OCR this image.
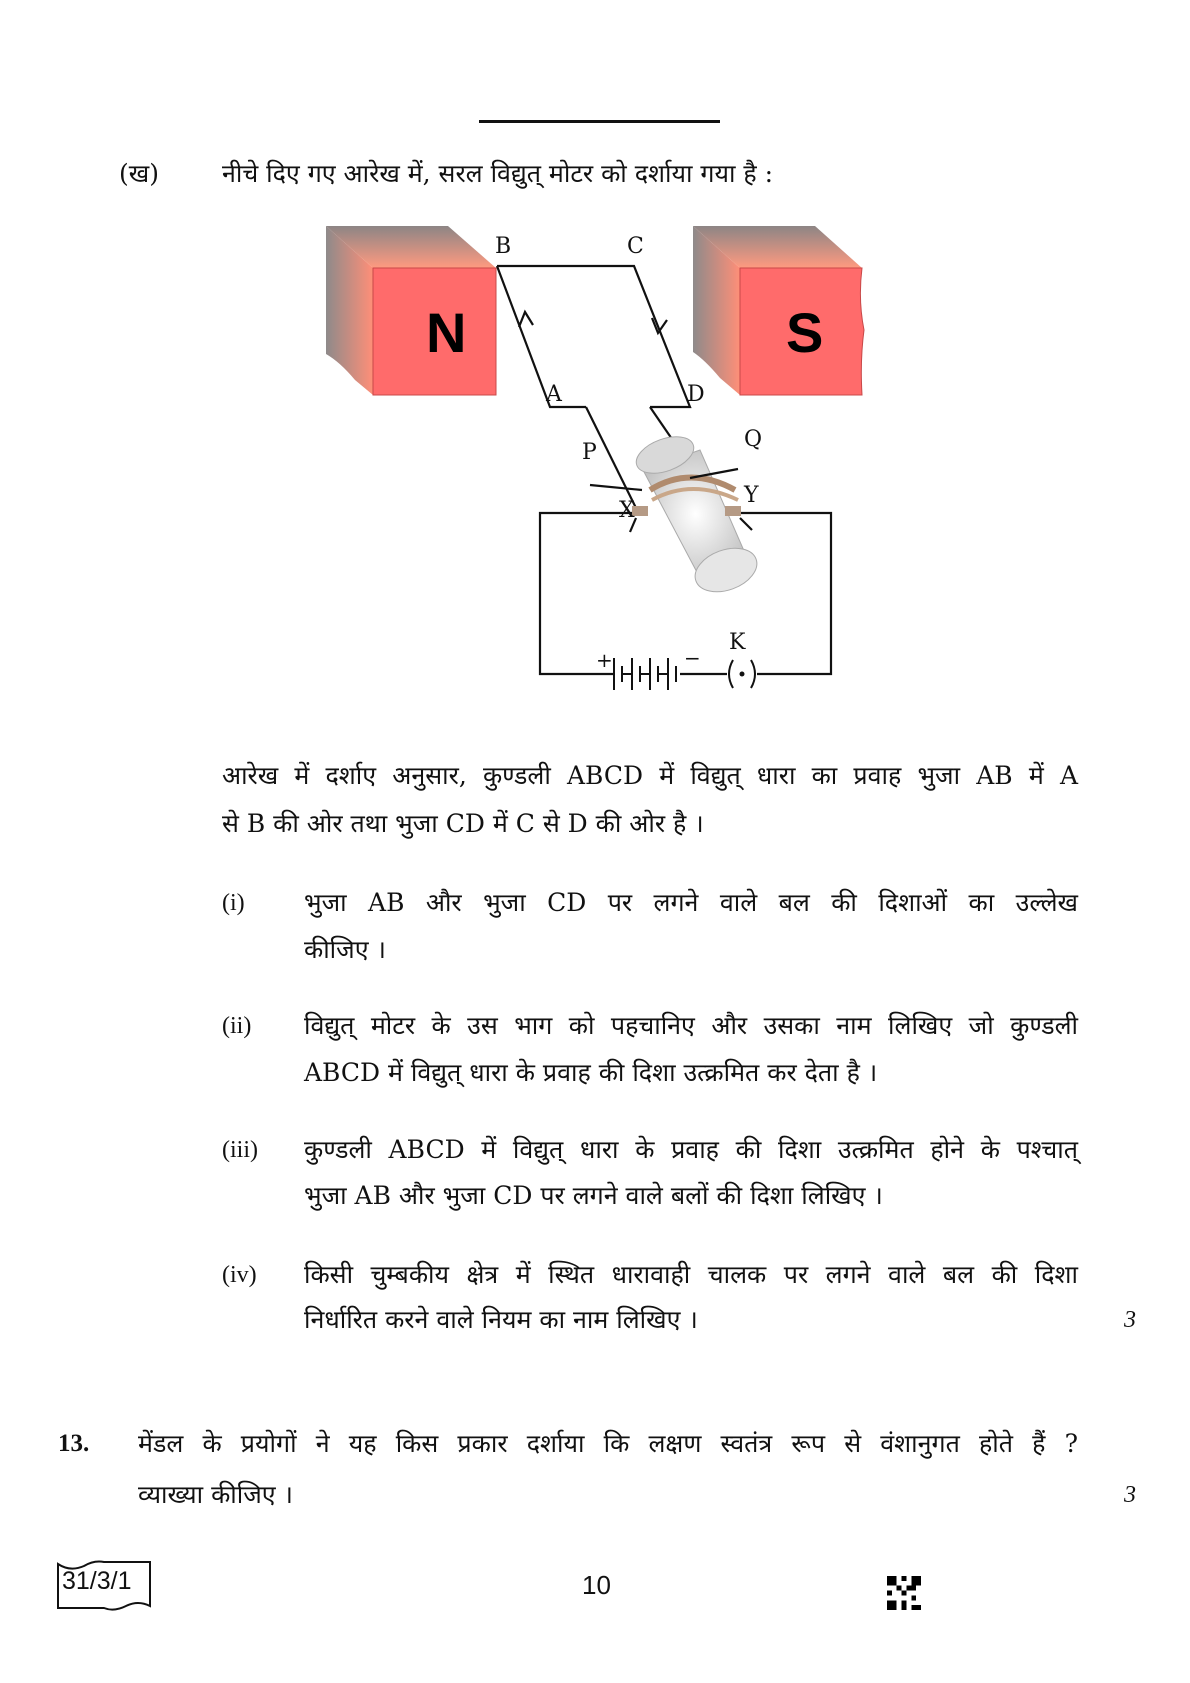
(ख)	नीचे दिए गए आरेख में, सरल विद्युत् मोटर को दर्शाया गया है :
N	S
B	C
A	D
P
Q
X
Y
K
+	−
आरेख में दर्शाए अनुसार, कुण्डली ABCD में विद्युत् धारा का प्रवाह भुजा AB में A
से B की ओर तथा भुजा CD में C से D की ओर है ।
(i) भुजा AB और भुजा CD पर लगने वाले बल की दिशाओं का उल्लेख
कीजिए ।
(ii) विद्युत् मोटर के उस भाग को पहचानिए और उसका नाम लिखिए जो कुण्डली
ABCD में विद्युत् धारा के प्रवाह की दिशा उत्क्रमित कर देता है ।
(iii) कुण्डली ABCD में विद्युत् धारा के प्रवाह की दिशा उत्क्रमित होने के पश्चात्
भुजा AB और भुजा CD पर लगने वाले बलों की दिशा लिखिए ।
(iv) किसी चुम्बकीय क्षेत्र में स्थित धारावाही चालक पर लगने वाले बल की दिशा
निर्धारित करने वाले नियम का नाम लिखिए ।	3
13. मेंडल के प्रयोगों ने यह किस प्रकार दर्शाया कि लक्षण स्वतंत्र रूप से वंशानुगत होते हैं ?
व्याख्या कीजिए ।	3
31/3/1	10
